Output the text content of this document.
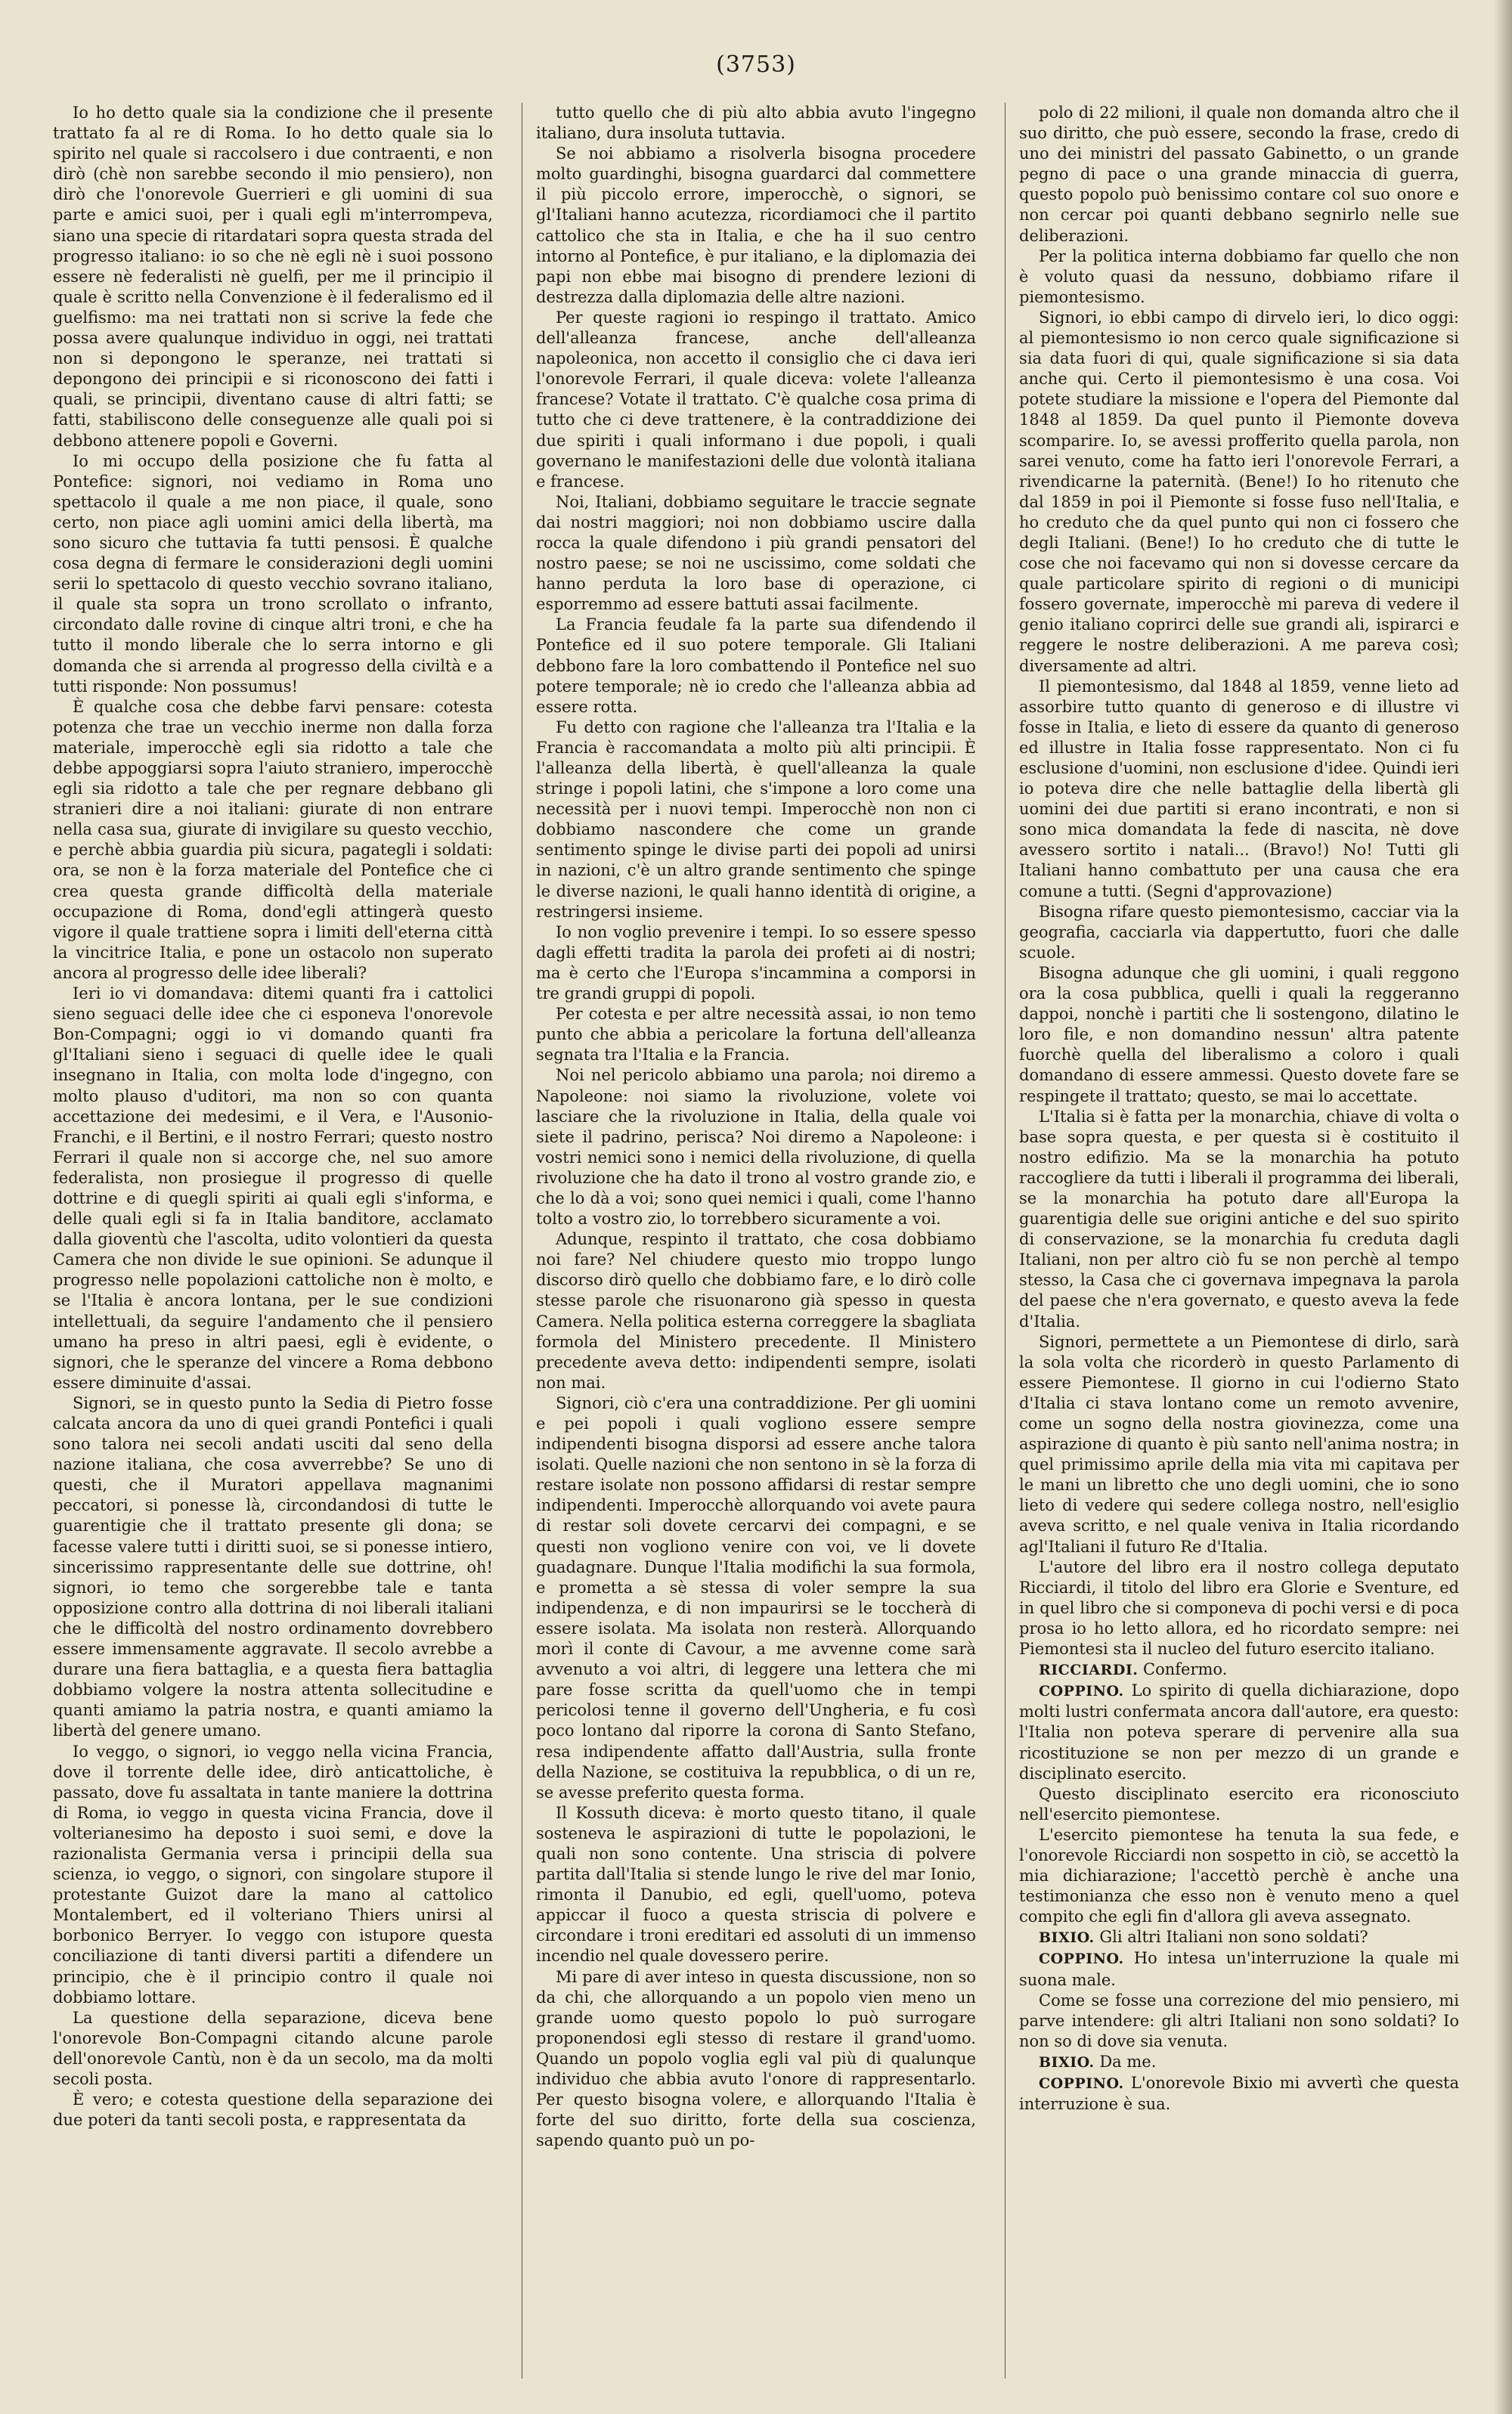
(3753)

Io ho detto quale sia la condizione che il presente trattato fa al re di Roma. Io ho detto quale sia lo spirito nel quale si raccolsero i due contraenti, e non dirò (chè non sarebbe secondo il mio pensiero), non dirò che l'onorevole Guerrieri e gli uomini di sua parte e amici suoi, per i quali egli m'interrompeva, siano una specie di ritardatari sopra questa strada del progresso italiano: io so che nè egli nè i suoi possono essere nè federalisti nè guelfi, per me il principio il quale è scritto nella Convenzione è il federalismo ed il guelfismo: ma nei trattati non si scrive la fede che possa avere qualunque individuo in oggi, nei trattati non si depongono le speranze, nei trattati si depongono dei principii e si riconoscono dei fatti i quali, se principii, diventano cause di altri fatti; se fatti, stabiliscono delle conseguenze alle quali poi si debbono attenere popoli e Governi.

Io mi occupo della posizione che fu fatta al Pontefice: signori, noi vediamo in Roma uno spettacolo il quale a me non piace, il quale, sono certo, non piace agli uomini amici della libertà, ma sono sicuro che tuttavia fa tutti pensosi. È qualche cosa degna di fermare le considerazioni degli uomini serii lo spettacolo di questo vecchio sovrano italiano, il quale sta sopra un trono scrollato o infranto, circondato dalle rovine di cinque altri troni, e che ha tutto il mondo liberale che lo serra intorno e gli domanda che si arrenda al progresso della civiltà e a tutti risponde: Non possumus!

È qualche cosa che debbe farvi pensare: cotesta potenza che trae un vecchio inerme non dalla forza materiale, imperocchè egli sia ridotto a tale che debbe appoggiarsi sopra l'aiuto straniero, imperocchè egli sia ridotto a tale che per regnare debbano gli stranieri dire a noi italiani: giurate di non entrare nella casa sua, giurate di invigilare su questo vecchio, e perchè abbia guardia più sicura, pagategli i soldati: ora, se non è la forza materiale del Pontefice che ci crea questa grande difficoltà della materiale occupazione di Roma, dond'egli attingerà questo vigore il quale trattiene sopra i limiti dell'eterna città la vincitrice Italia, e pone un ostacolo non superato ancora al progresso delle idee liberali?

Ieri io vi domandava: ditemi quanti fra i cattolici sieno seguaci delle idee che ci esponeva l'onorevole Bon-Compagni; oggi io vi domando quanti fra gl'Italiani sieno i seguaci di quelle idee le quali insegnano in Italia, con molta lode d'ingegno, con molto plauso d'uditori, ma non so con quanta accettazione dei medesimi, e il Vera, e l'Ausonio-Franchi, e il Bertini, e il nostro Ferrari; questo nostro Ferrari il quale non si accorge che, nel suo amore federalista, non prosiegue il progresso di quelle dottrine e di quegli spiriti ai quali egli s'informa, e delle quali egli si fa in Italia banditore, acclamato dalla gioventù che l'ascolta, udito volontieri da questa Camera che non divide le sue opinioni. Se adunque il progresso nelle popolazioni cattoliche non è molto, e se l'Italia è ancora lontana, per le sue condizioni intellettuali, da seguire l'andamento che il pensiero umano ha preso in altri paesi, egli è evidente, o signori, che le speranze del vincere a Roma debbono essere diminuite d'assai.

Signori, se in questo punto la Sedia di Pietro fosse calcata ancora da uno di quei grandi Pontefici i quali sono talora nei secoli andati usciti dal seno della nazione italiana, che cosa avverrebbe? Se uno di questi, che il Muratori appellava magnanimi peccatori, si ponesse là, circondandosi di tutte le guarentigie che il trattato presente gli dona; se facesse valere tutti i diritti suoi, se si ponesse intiero, sincerissimo rappresentante delle sue dottrine, oh! signori, io temo che sorgerebbe tale e tanta opposizione contro alla dottrina di noi liberali italiani che le difficoltà del nostro ordinamento dovrebbero essere immensamente aggravate. Il secolo avrebbe a durare una fiera battaglia, e a questa fiera battaglia dobbiamo volgere la nostra attenta sollecitudine e quanti amiamo la patria nostra, e quanti amiamo la libertà del genere umano.

Io veggo, o signori, io veggo nella vicina Francia, dove il torrente delle idee, dirò anticattoliche, è passato, dove fu assaltata in tante maniere la dottrina di Roma, io veggo in questa vicina Francia, dove il volterianesimo ha deposto i suoi semi, e dove la razionalista Germania versa i principii della sua scienza, io veggo, o signori, con singolare stupore il protestante Guizot dare la mano al cattolico Montalembert, ed il volteriano Thiers unirsi al borbonico Berryer. Io veggo con istupore questa conciliazione di tanti diversi partiti a difendere un principio, che è il principio contro il quale noi dobbiamo lottare.

La questione della separazione, diceva bene l'onorevole Bon-Compagni citando alcune parole dell'onorevole Cantù, non è da un secolo, ma da molti secoli posta.

È vero; e cotesta questione della separazione dei due poteri da tanti secoli posta, e rappresentata da

tutto quello che di più alto abbia avuto l'ingegno italiano, dura insoluta tuttavia.

Se noi abbiamo a risolverla bisogna procedere molto guardinghi, bisogna guardarci dal commettere il più piccolo errore, imperocchè, o signori, se gl'Italiani hanno acutezza, ricordiamoci che il partito cattolico che sta in Italia, e che ha il suo centro intorno al Pontefice, è pur italiano, e la diplomazia dei papi non ebbe mai bisogno di prendere lezioni di destrezza dalla diplomazia delle altre nazioni.

Per queste ragioni io respingo il trattato. Amico dell'alleanza francese, anche dell'alleanza napoleonica, non accetto il consiglio che ci dava ieri l'onorevole Ferrari, il quale diceva: volete l'alleanza francese? Votate il trattato. C'è qualche cosa prima di tutto che ci deve trattenere, è la contraddizione dei due spiriti i quali informano i due popoli, i quali governano le manifestazioni delle due volontà italiana e francese.

Noi, Italiani, dobbiamo seguitare le traccie segnate dai nostri maggiori; noi non dobbiamo uscire dalla rocca la quale difendono i più grandi pensatori del nostro paese; se noi ne uscissimo, come soldati che hanno perduta la loro base di operazione, ci esporremmo ad essere battuti assai facilmente.

La Francia feudale fa la parte sua difendendo il Pontefice ed il suo potere temporale. Gli Italiani debbono fare la loro combattendo il Pontefice nel suo potere temporale; nè io credo che l'alleanza abbia ad essere rotta.

Fu detto con ragione che l'alleanza tra l'Italia e la Francia è raccomandata a molto più alti principii. È l'alleanza della libertà, è quell'alleanza la quale stringe i popoli latini, che s'impone a loro come una necessità per i nuovi tempi. Imperocchè non non ci dobbiamo nascondere che come un grande sentimento spinge le divise parti dei popoli ad unirsi in nazioni, c'è un altro grande sentimento che spinge le diverse nazioni, le quali hanno identità di origine, a restringersi insieme.

Io non voglio prevenire i tempi. Io so essere spesso dagli effetti tradita la parola dei profeti ai di nostri; ma è certo che l'Europa s'incammina a comporsi in tre grandi gruppi di popoli.

Per cotesta e per altre necessità assai, io non temo punto che abbia a pericolare la fortuna dell'alleanza segnata tra l'Italia e la Francia.

Noi nel pericolo abbiamo una parola; noi diremo a Napoleone: noi siamo la rivoluzione, volete voi lasciare che la rivoluzione in Italia, della quale voi siete il padrino, perisca? Noi diremo a Napoleone: i vostri nemici sono i nemici della rivoluzione, di quella rivoluzione che ha dato il trono al vostro grande zio, e che lo dà a voi; sono quei nemici i quali, come l'hanno tolto a vostro zio, lo torrebbero sicuramente a voi.

Adunque, respinto il trattato, che cosa dobbiamo noi fare? Nel chiudere questo mio troppo lungo discorso dirò quello che dobbiamo fare, e lo dirò colle stesse parole che risuonarono già spesso in questa Camera. Nella politica esterna correggere la sbagliata formola del Ministero precedente. Il Ministero precedente aveva detto: indipendenti sempre, isolati non mai.

Signori, ciò c'era una contraddizione. Per gli uomini e pei popoli i quali vogliono essere sempre indipendenti bisogna disporsi ad essere anche talora isolati. Quelle nazioni che non sentono in sè la forza di restare isolate non possono affidarsi di restar sempre indipendenti. Imperocchè allorquando voi avete paura di restar soli dovete cercarvi dei compagni, e se questi non vogliono venire con voi, ve li dovete guadagnare. Dunque l'Italia modifichi la sua formola, e prometta a sè stessa di voler sempre la sua indipendenza, e di non impaurirsi se le toccherà di essere isolata. Ma isolata non resterà. Allorquando morì il conte di Cavour, a me avvenne come sarà avvenuto a voi altri, di leggere una lettera che mi pare fosse scritta da quell'uomo che in tempi pericolosi tenne il governo dell'Ungheria, e fu così poco lontano dal riporre la corona di Santo Stefano, resa indipendente affatto dall'Austria, sulla fronte della Nazione, se costituiva la repubblica, o di un re, se avesse preferito questa forma.

Il Kossuth diceva: è morto questo titano, il quale sosteneva le aspirazioni di tutte le popolazioni, le quali non sono contente. Una striscia di polvere partita dall'Italia si stende lungo le rive del mar Ionio, rimonta il Danubio, ed egli, quell'uomo, poteva appiccar il fuoco a questa striscia di polvere e circondare i troni ereditari ed assoluti di un immenso incendio nel quale dovessero perire.

Mi pare di aver inteso in questa discussione, non so da chi, che allorquando a un popolo vien meno un grande uomo questo popolo lo può surrogare proponendosi egli stesso di restare il grand'uomo. Quando un popolo voglia egli val più di qualunque individuo che abbia avuto l'onore di rappresentarlo. Per questo bisogna volere, e allorquando l'Italia è forte del suo diritto, forte della sua coscienza, sapendo quanto può un po-

polo di 22 milioni, il quale non domanda altro che il suo diritto, che può essere, secondo la frase, credo di uno dei ministri del passato Gabinetto, o un grande pegno di pace o una grande minaccia di guerra, questo popolo può benissimo contare col suo onore e non cercar poi quanti debbano segnirlo nelle sue deliberazioni.

Per la politica interna dobbiamo far quello che non è voluto quasi da nessuno, dobbiamo rifare il piemontesismo.

Signori, io ebbi campo di dirvelo ieri, lo dico oggi: al piemontesismo io non cerco quale significazione si sia data fuori di qui, quale significazione si sia data anche qui. Certo il piemontesismo è una cosa. Voi potete studiare la missione e l'opera del Piemonte dal 1848 al 1859. Da quel punto il Piemonte doveva scomparire. Io, se avessi profferito quella parola, non sarei venuto, come ha fatto ieri l'onorevole Ferrari, a rivendicarne la paternità. (Bene!) Io ho ritenuto che dal 1859 in poi il Piemonte si fosse fuso nell'Italia, e ho creduto che da quel punto qui non ci fossero che degli Italiani. (Bene!) Io ho creduto che di tutte le cose che noi facevamo qui non si dovesse cercare da quale particolare spirito di regioni o di municipi fossero governate, imperocchè mi pareva di vedere il genio italiano coprirci delle sue grandi ali, ispirarci e reggere le nostre deliberazioni. A me pareva così; diversamente ad altri.

Il piemontesismo, dal 1848 al 1859, venne lieto ad assorbire tutto quanto di generoso e di illustre vi fosse in Italia, e lieto di essere da quanto di generoso ed illustre in Italia fosse rappresentato. Non ci fu esclusione d'uomini, non esclusione d'idee. Quindi ieri io poteva dire che nelle battaglie della libertà gli uomini dei due partiti si erano incontrati, e non si sono mica domandata la fede di nascita, nè dove avessero sortito i natali... (Bravo!) No! Tutti gli Italiani hanno combattuto per una causa che era comune a tutti. (Segni d'approvazione)

Bisogna rifare questo piemontesismo, cacciar via la geografia, cacciarla via dappertutto, fuori che dalle scuole.

Bisogna adunque che gli uomini, i quali reggono ora la cosa pubblica, quelli i quali la reggeranno dappoi, nonchè i partiti che li sostengono, dilatino le loro file, e non domandino nessun' altra patente fuorchè quella del liberalismo a coloro i quali domandano di essere ammessi. Questo dovete fare se respingete il trattato; questo, se mai lo accettate.

L'Italia si è fatta per la monarchia, chiave di volta o base sopra questa, e per questa si è costituito il nostro edifizio. Ma se la monarchia ha potuto raccogliere da tutti i liberali il programma dei liberali, se la monarchia ha potuto dare all'Europa la guarentigia delle sue origini antiche e del suo spirito di conservazione, se la monarchia fu creduta dagli Italiani, non per altro ciò fu se non perchè al tempo stesso, la Casa che ci governava impegnava la parola del paese che n'era governato, e questo aveva la fede d'Italia.

Signori, permettete a un Piemontese di dirlo, sarà la sola volta che ricorderò in questo Parlamento di essere Piemontese. Il giorno in cui l'odierno Stato d'Italia ci stava lontano come un remoto avvenire, come un sogno della nostra giovinezza, come una aspirazione di quanto è più santo nell'anima nostra; in quel primissimo aprile della mia vita mi capitava per le mani un libretto che uno degli uomini, che io sono lieto di vedere qui sedere collega nostro, nell'esiglio aveva scritto, e nel quale veniva in Italia ricordando agl'Italiani il futuro Re d'Italia.

L'autore del libro era il nostro collega deputato Ricciardi, il titolo del libro era Glorie e Sventure, ed in quel libro che si componeva di pochi versi e di poca prosa io ho letto allora, ed ho ricordato sempre: nei Piemontesi sta il nucleo del futuro esercito italiano.

RICCIARDI. Confermo.

COPPINO. Lo spirito di quella dichiarazione, dopo molti lustri confermata ancora dall'autore, era questo: l'Italia non poteva sperare di pervenire alla sua ricostituzione se non per mezzo di un grande e disciplinato esercito.

Questo disciplinato esercito era riconosciuto nell'esercito piemontese.

L'esercito piemontese ha tenuta la sua fede, e l'onorevole Ricciardi non sospetto in ciò, se accettò la mia dichiarazione; l'accettò perchè è anche una testimonianza che esso non è venuto meno a quel compito che egli fin d'allora gli aveva assegnato.

BIXIO. Gli altri Italiani non sono soldati?

COPPINO. Ho intesa un'interruzione la quale mi suona male.

Come se fosse una correzione del mio pensiero, mi parve intendere: gli altri Italiani non sono soldati? Io non so di dove sia venuta.

BIXIO. Da me.

COPPINO. L'onorevole Bixio mi avvertì che questa interruzione è sua.
